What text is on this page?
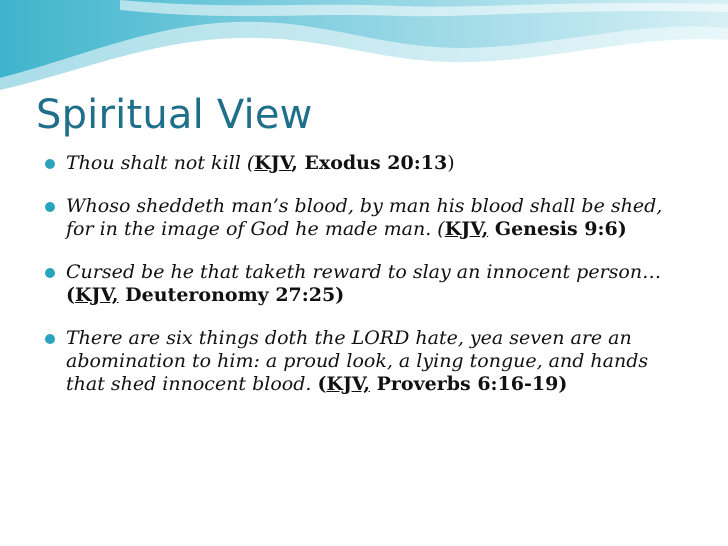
Spiritual View
Thou shalt not kill (KJV, Exodus 20:13)
Whoso sheddeth man’s blood, by man his blood shall be shed, for in the image of God he made man. (KJV, Genesis 9:6)
Cursed be he that taketh reward to slay an innocent person…(KJV, Deuteronomy 27:25)
There are six things doth the LORD hate, yea seven are an abomination to him: a proud look, a lying tongue, and hands that shed innocent blood. (KJV, Proverbs 6:16-19)
